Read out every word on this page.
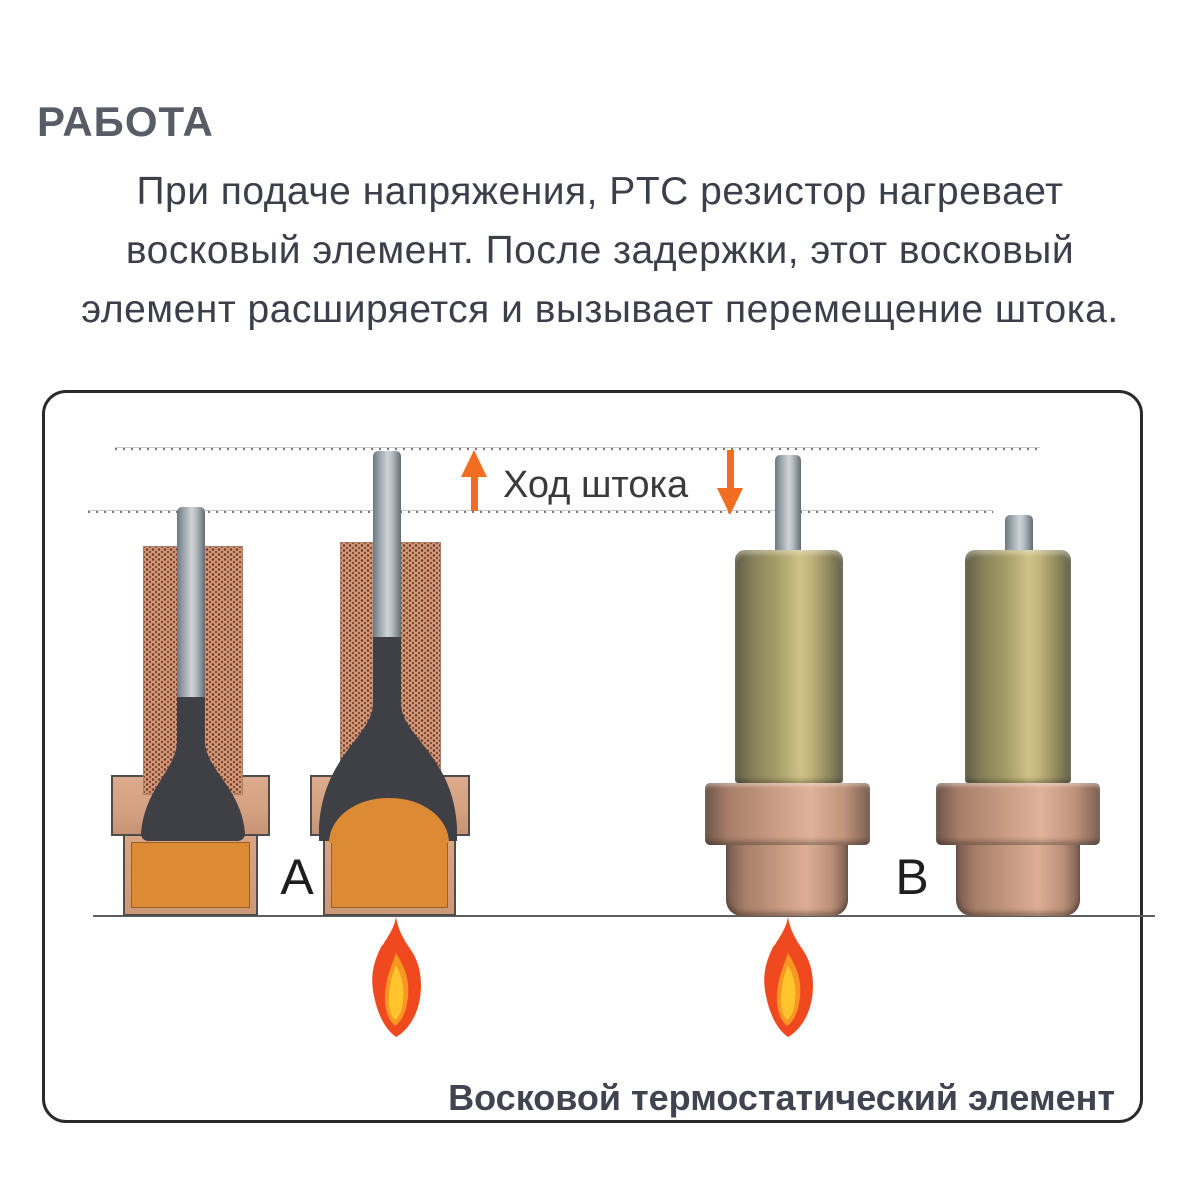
РАБОТА
При подаче напряжения, PTC резистор нагревает
восковый элемент. После задержки, этот восковый
элемент расширяется и вызывает перемещение штока.
Ход штока
A	B
Восковой термостатический элемент
